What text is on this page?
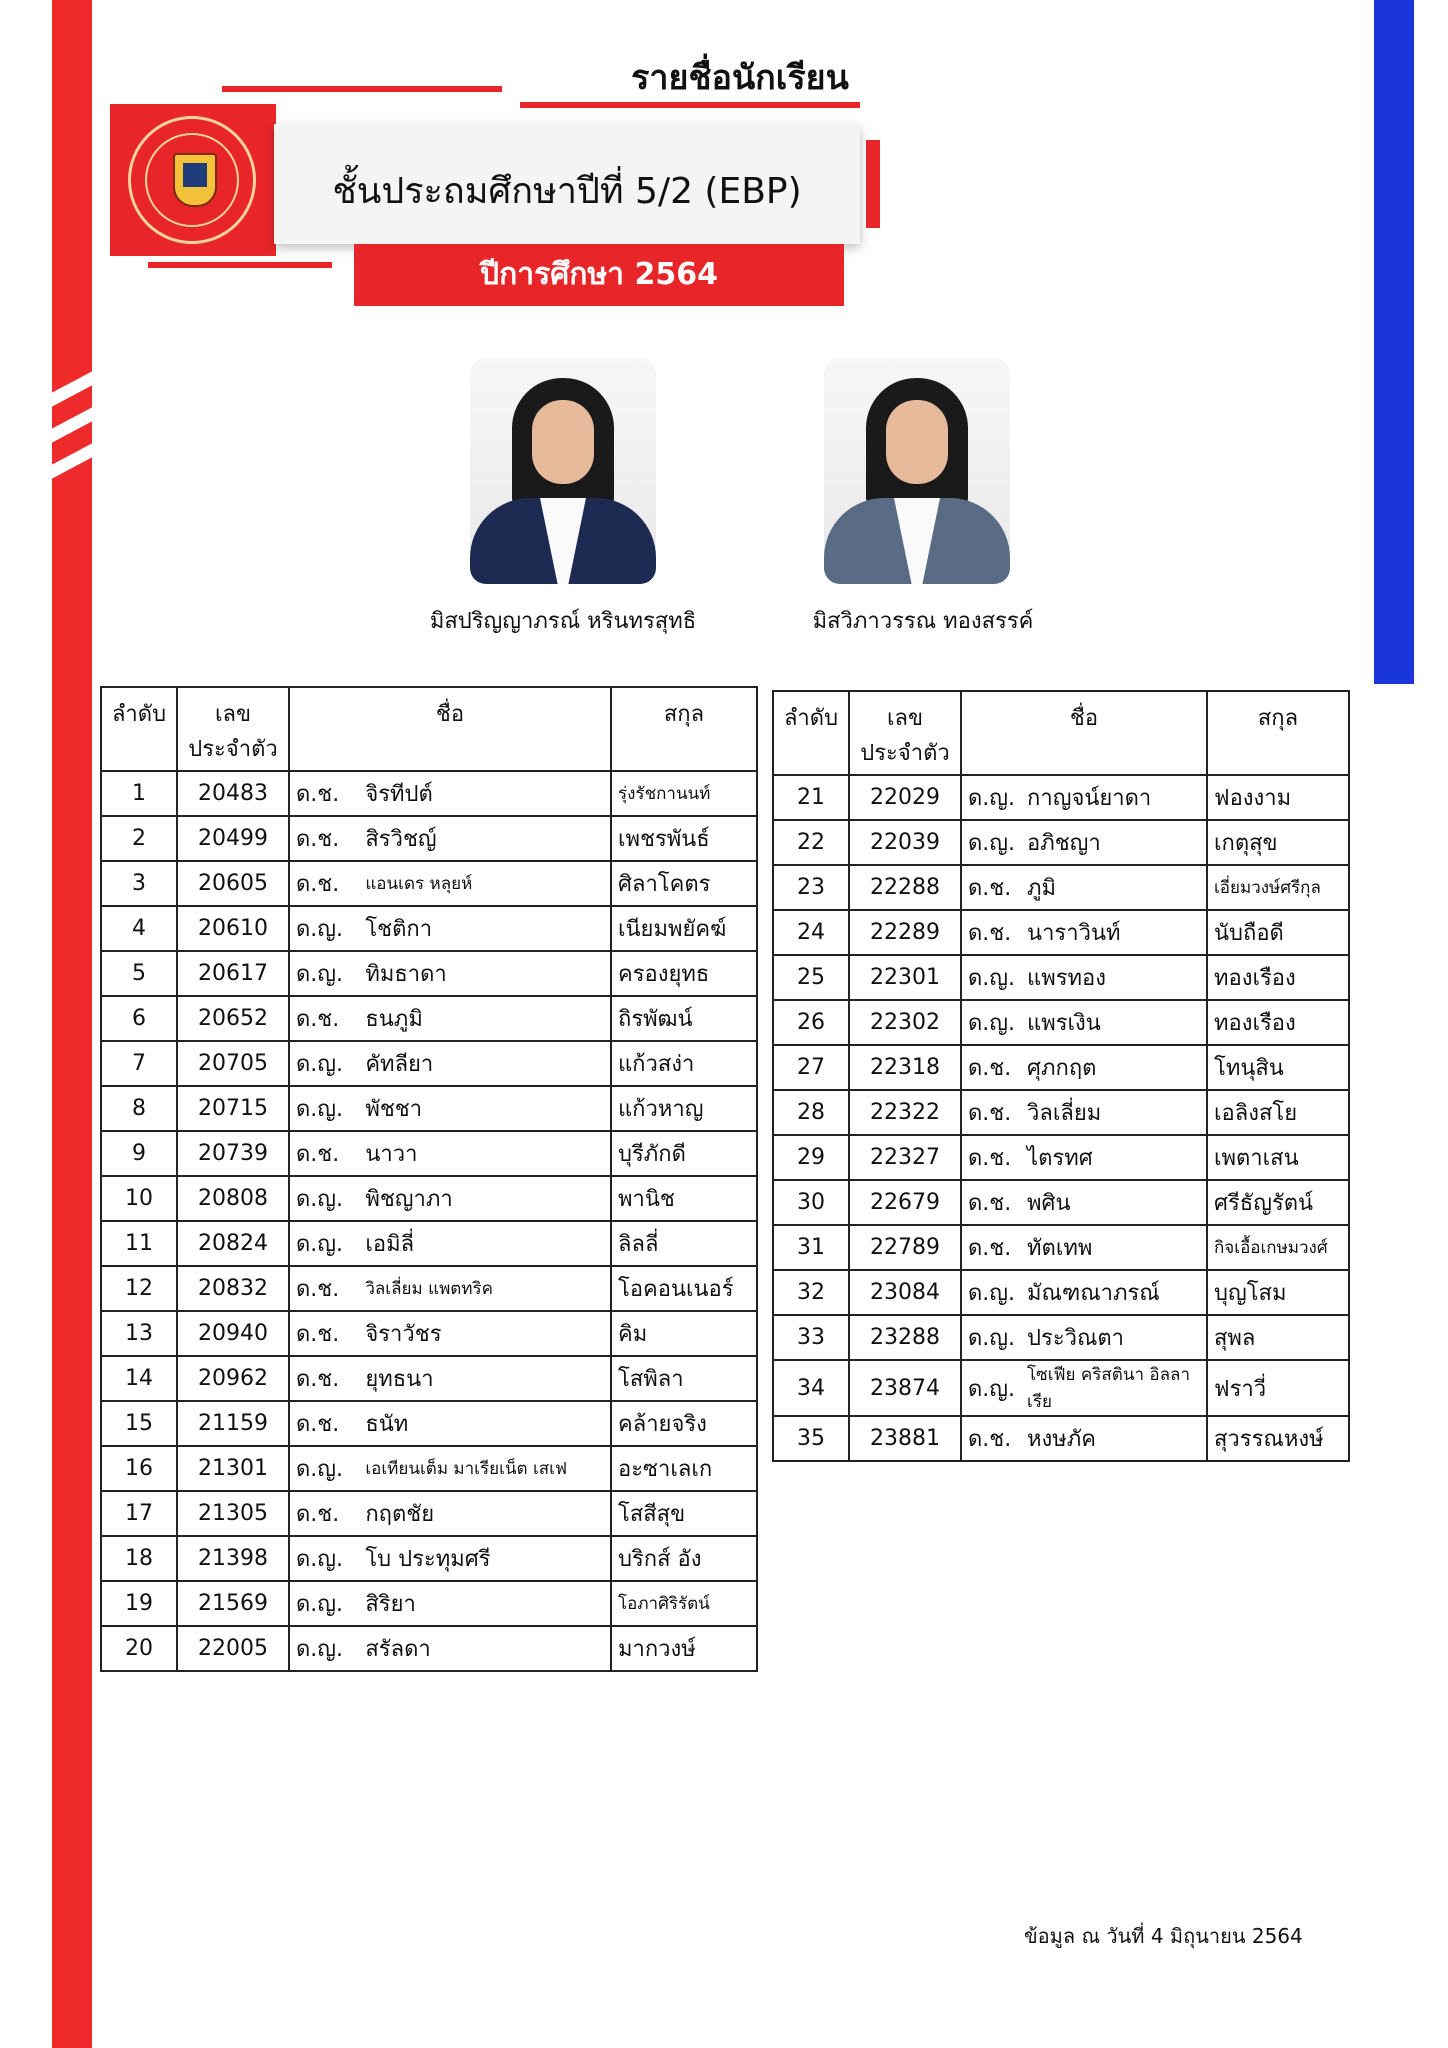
รายชื่อนักเรียน
ชั้นประถมศึกษาปีที่ 5/2 (EBP)
ปีการศึกษา 2564
มิสปริญญาภรณ์ หรินทรสุทธิ	มิสวิภาวรรณ ทองสรรค์
ลำดับ	เลขประจำตัว	ชื่อ		สกุล
1	20483	ด.ช.	จิรทีปต์	รุ่งรัชกานนท์
2	20499	ด.ช.	สิรวิชญ์	เพชรพันธ์
3	20605	ด.ช.	แอนเดร หลุยห์	ศิลาโคตร
4	20610	ด.ญ.	โชติกา	เนียมพยัคฆ์
5	20617	ด.ญ.	ทิมธาดา	ครองยุทธ
6	20652	ด.ช.	ธนภูมิ	ถิรพัฒน์
7	20705	ด.ญ.	คัทลียา	แก้วสง่า
8	20715	ด.ญ.	พัชชา	แก้วหาญ
9	20739	ด.ช.	นาวา	บุรีภักดี
10	20808	ด.ญ.	พิชญาภา	พานิช
11	20824	ด.ญ.	เอมิลี่	ลิลลี่
12	20832	ด.ช.	วิลเลี่ยม แพตทริค	โอคอนเนอร์
13	20940	ด.ช.	จิราวัชร	คิม
14	20962	ด.ช.	ยุทธนา	โสพิลา
15	21159	ด.ช.	ธนัท	คล้ายจริง
16	21301	ด.ญ.	เอเทียนเต็ม มาเรียเน็ต เสเฟ	อะซาเลเก
17	21305	ด.ช.	กฤตชัย	โสสีสุข
18	21398	ด.ญ.	โบ ประทุมศรี	บริกส์ อัง
19	21569	ด.ญ.	สิริยา	โอภาศิริรัตน์
20	22005	ด.ญ.	สรัลดา	มากวงษ์
ลำดับ	เลขประจำตัว	ชื่อ		สกุล
21	22029	ด.ญ.	กาญจน์ยาดา	ฟองงาม
22	22039	ด.ญ.	อภิชญา	เกตุสุข
23	22288	ด.ช.	ภูมิ	เอี่ยมวงษ์ศรีกุล
24	22289	ด.ช.	นาราวินท์	นับถือดี
25	22301	ด.ญ.	แพรทอง	ทองเรือง
26	22302	ด.ญ.	แพรเงิน	ทองเรือง
27	22318	ด.ช.	ศุภกฤต	โทนุสิน
28	22322	ด.ช.	วิลเลี่ยม	เอลิงสโย
29	22327	ด.ช.	ไตรทศ	เพตาเสน
30	22679	ด.ช.	พศิน	ศรีธัญรัตน์
31	22789	ด.ช.	ทัตเทพ	กิจเอื้อเกษมวงศ์
32	23084	ด.ญ.	มัณฑณาภรณ์	บุญโสม
33	23288	ด.ญ.	ประวิณตา	สุพล
34	23874	ด.ญ.	โซเฟีย คริสตินา อิลลาเรีย	ฟราวี่
35	23881	ด.ช.	หงษภัค	สุวรรณหงษ์
ข้อมูล ณ วันที่ 4 มิถุนายน 2564
